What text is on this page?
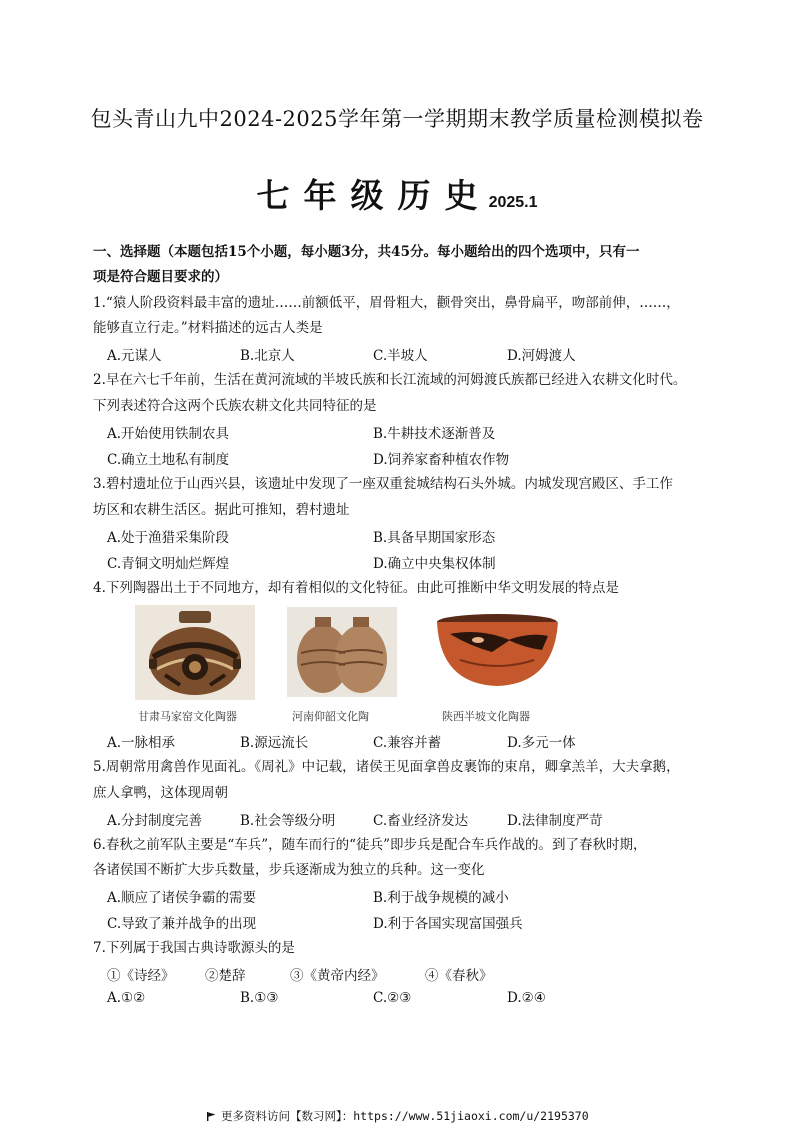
包头青山九中2024-2025学年第一学期期末教学质量检测模拟卷
七年级历史 2025.1
一、选择题（本题包括15个小题，每小题3分，共45分。每小题给出的四个选项中，只有一
项是符合题目要求的）
1.“猿人阶段资料最丰富的遗址……前额低平，眉骨粗大，颧骨突出，鼻骨扁平，吻部前伸，……，
能够直立行走。”材料描述的远古人类是
A.元谋人	B.北京人	C.半坡人	D.河姆渡人
2.早在六七千年前，生活在黄河流域的半坡氏族和长江流域的河姆渡氏族都已经进入农耕文化时代。
下列表述符合这两个氏族农耕文化共同特征的是
A.开始使用铁制农具	B.牛耕技术逐渐普及
C.确立土地私有制度	D.饲养家畜种植农作物
3.碧村遗址位于山西兴县，该遗址中发现了一座双重瓮城结构石头外城。内城发现宫殿区、手工作
坊区和农耕生活区。据此可推知，碧村遗址
A.处于渔猎采集阶段	B.具备早期国家形态
C.青铜文明灿烂辉煌	D.确立中央集权体制
4.下列陶器出土于不同地方，却有着相似的文化特征。由此可推断中华文明发展的特点是
甘肃马家窑文化陶器	河南仰韶文化陶	陕西半坡文化陶器
A.一脉相承	B.源远流长	C.兼容并蓄	D.多元一体
5.周朝常用禽兽作见面礼。《周礼》中记载，诸侯王见面拿兽皮裹饰的束帛，卿拿羔羊，大夫拿鹅，
庶人拿鸭，这体现周朝
A.分封制度完善	B.社会等级分明	C.畜业经济发达	D.法律制度严苛
6.春秋之前军队主要是“车兵”，随车而行的“徒兵”即步兵是配合车兵作战的。到了春秋时期，
各诸侯国不断扩大步兵数量，步兵逐渐成为独立的兵种。这一变化
A.顺应了诸侯争霸的需要	B.利于战争规模的减小
C.导致了兼并战争的出现	D.利于各国实现富国强兵
7.下列属于我国古典诗歌源头的是
①《诗经》 ②楚辞	③《黄帝内经》	④《春秋》
A.①②	B.①③	C.②③	D.②④
更多资料访问【数习网】：https://www.51jiaoxi.com/u/2195370
